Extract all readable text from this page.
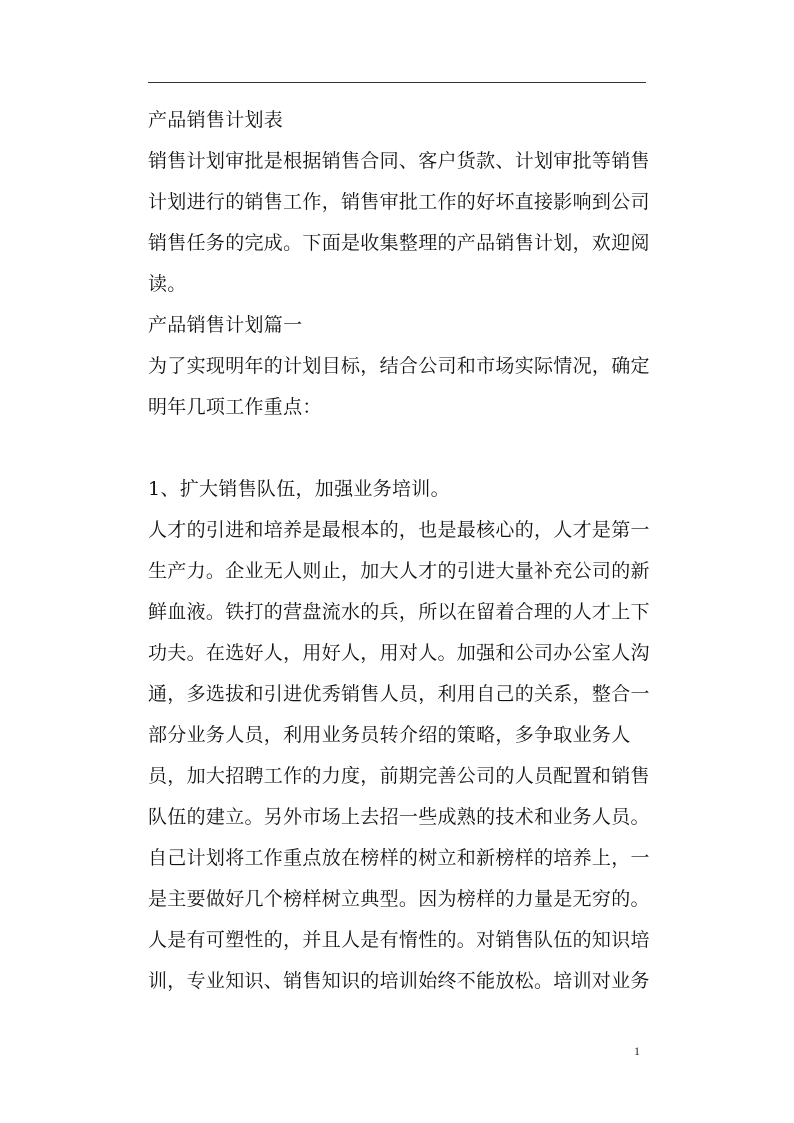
产品销售计划表
销售计划审批是根据销售合同、客户货款、计划审批等销售
计划进行的销售工作，销售审批工作的好坏直接影响到公司
销售任务的完成。下面是收集整理的产品销售计划，欢迎阅
读。
产品销售计划篇一
为了实现明年的计划目标，结合公司和市场实际情况，确定
明年几项工作重点：
1、扩大销售队伍，加强业务培训。
人才的引进和培养是最根本的，也是最核心的，人才是第一
生产力。企业无人则止，加大人才的引进大量补充公司的新
鲜血液。铁打的营盘流水的兵，所以在留着合理的人才上下
功夫。在选好人，用好人，用对人。加强和公司办公室人沟
通，多选拔和引进优秀销售人员，利用自己的关系，整合一
部分业务人员，利用业务员转介绍的策略，多争取业务人
员，加大招聘工作的力度，前期完善公司的人员配置和销售
队伍的建立。另外市场上去招一些成熟的技术和业务人员。
自己计划将工作重点放在榜样的树立和新榜样的培养上，一
是主要做好几个榜样树立典型。因为榜样的力量是无穷的。
人是有可塑性的，并且人是有惰性的。对销售队伍的知识培
训，专业知识、销售知识的培训始终不能放松。培训对业务
1
